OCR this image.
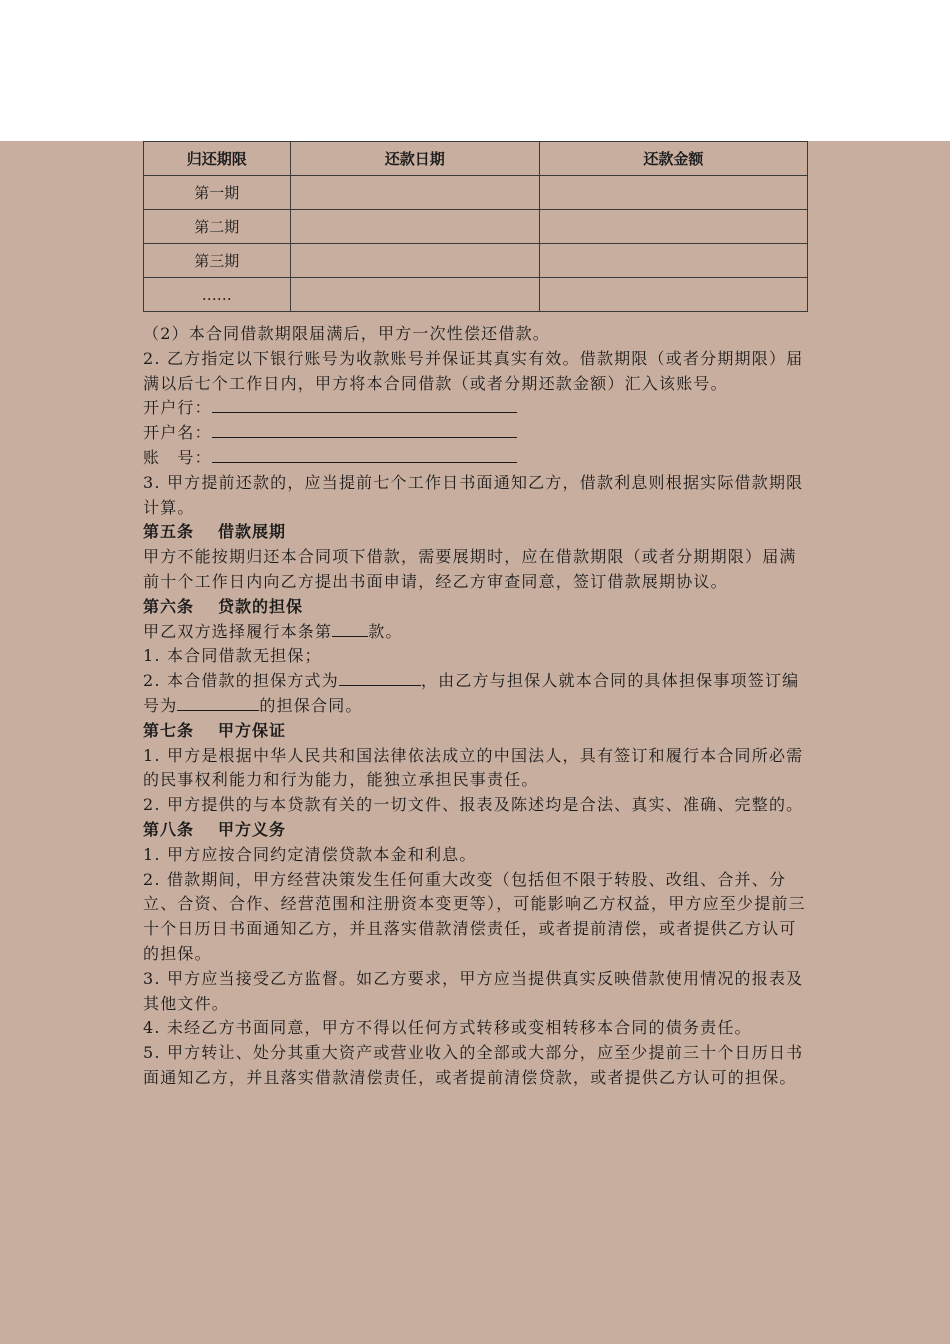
归还期限	还款日期	还款金额
第一期		
第二期		
第三期		
……		

（2）本合同借款期限届满后，甲方一次性偿还借款。

2. 乙方指定以下银行账号为收款账号并保证其真实有效。借款期限（或者分期期限）届满以后七个工作日内，甲方将本合同借款（或者分期还款金额）汇入该账号。

开户行：

开户名：

账　号：

3. 甲方提前还款的，应当提前七个工作日书面通知乙方，借款利息则根据实际借款期限计算。

第五条 借款展期

甲方不能按期归还本合同项下借款，需要展期时，应在借款期限（或者分期期限）届满前十个工作日内向乙方提出书面申请，经乙方审查同意，签订借款展期协议。

第六条 贷款的担保

甲乙双方选择履行本条第 款。

1. 本合同借款无担保；

2. 本合借款的担保方式为	，由乙方与担保人就本合同的具体担保事项签订编号为	的担保合同。

第七条 甲方保证

1. 甲方是根据中华人民共和国法律依法成立的中国法人，具有签订和履行本合同所必需的民事权利能力和行为能力，能独立承担民事责任。

2. 甲方提供的与本贷款有关的一切文件、报表及陈述均是合法、真实、准确、完整的。

第八条 甲方义务

1. 甲方应按合同约定清偿贷款本金和利息。

2. 借款期间，甲方经营决策发生任何重大改变（包括但不限于转股、改组、合并、分立、合资、合作、经营范围和注册资本变更等），可能影响乙方权益，甲方应至少提前三十个日历日书面通知乙方，并且落实借款清偿责任，或者提前清偿，或者提供乙方认可的担保。

3. 甲方应当接受乙方监督。如乙方要求，甲方应当提供真实反映借款使用情况的报表及其他文件。

4. 未经乙方书面同意，甲方不得以任何方式转移或变相转移本合同的债务责任。

5. 甲方转让、处分其重大资产或营业收入的全部或大部分，应至少提前三十个日历日书面通知乙方，并且落实借款清偿责任，或者提前清偿贷款，或者提供乙方认可的担保。
